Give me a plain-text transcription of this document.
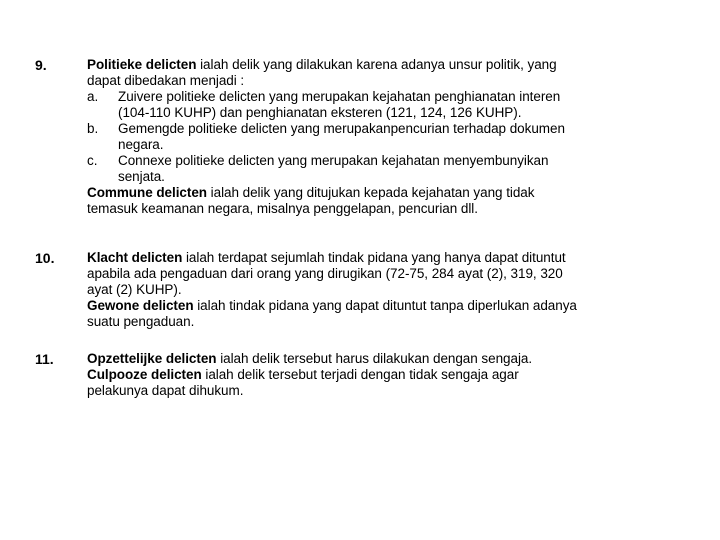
9.	Politieke delicten ialah delik yang dilakukan karena adanya unsur politik, yang
dapat dibedakan menjadi :
a.	Zuivere politieke delicten yang merupakan kejahatan penghianatan interen
(104-110 KUHP) dan penghianatan eksteren (121, 124, 126 KUHP).
b.	Gemengde politieke delicten yang merupakanpencurian terhadap dokumen
negara.
c.	Connexe politieke delicten yang merupakan kejahatan menyembunyikan
senjata.
Commune delicten ialah delik yang ditujukan kepada kejahatan yang tidak
temasuk keamanan negara, misalnya penggelapan, pencurian dll.
10. Klacht delicten ialah terdapat sejumlah tindak pidana yang hanya dapat dituntut
apabila ada pengaduan dari orang yang dirugikan (72-75, 284 ayat (2), 319, 320
ayat (2) KUHP).
Gewone delicten ialah tindak pidana yang dapat dituntut tanpa diperlukan adanya
suatu pengaduan.
11. Opzettelijke delicten ialah delik tersebut harus dilakukan dengan sengaja.
Culpooze delicten ialah delik tersebut terjadi dengan tidak sengaja agar
pelakunya dapat dihukum.
